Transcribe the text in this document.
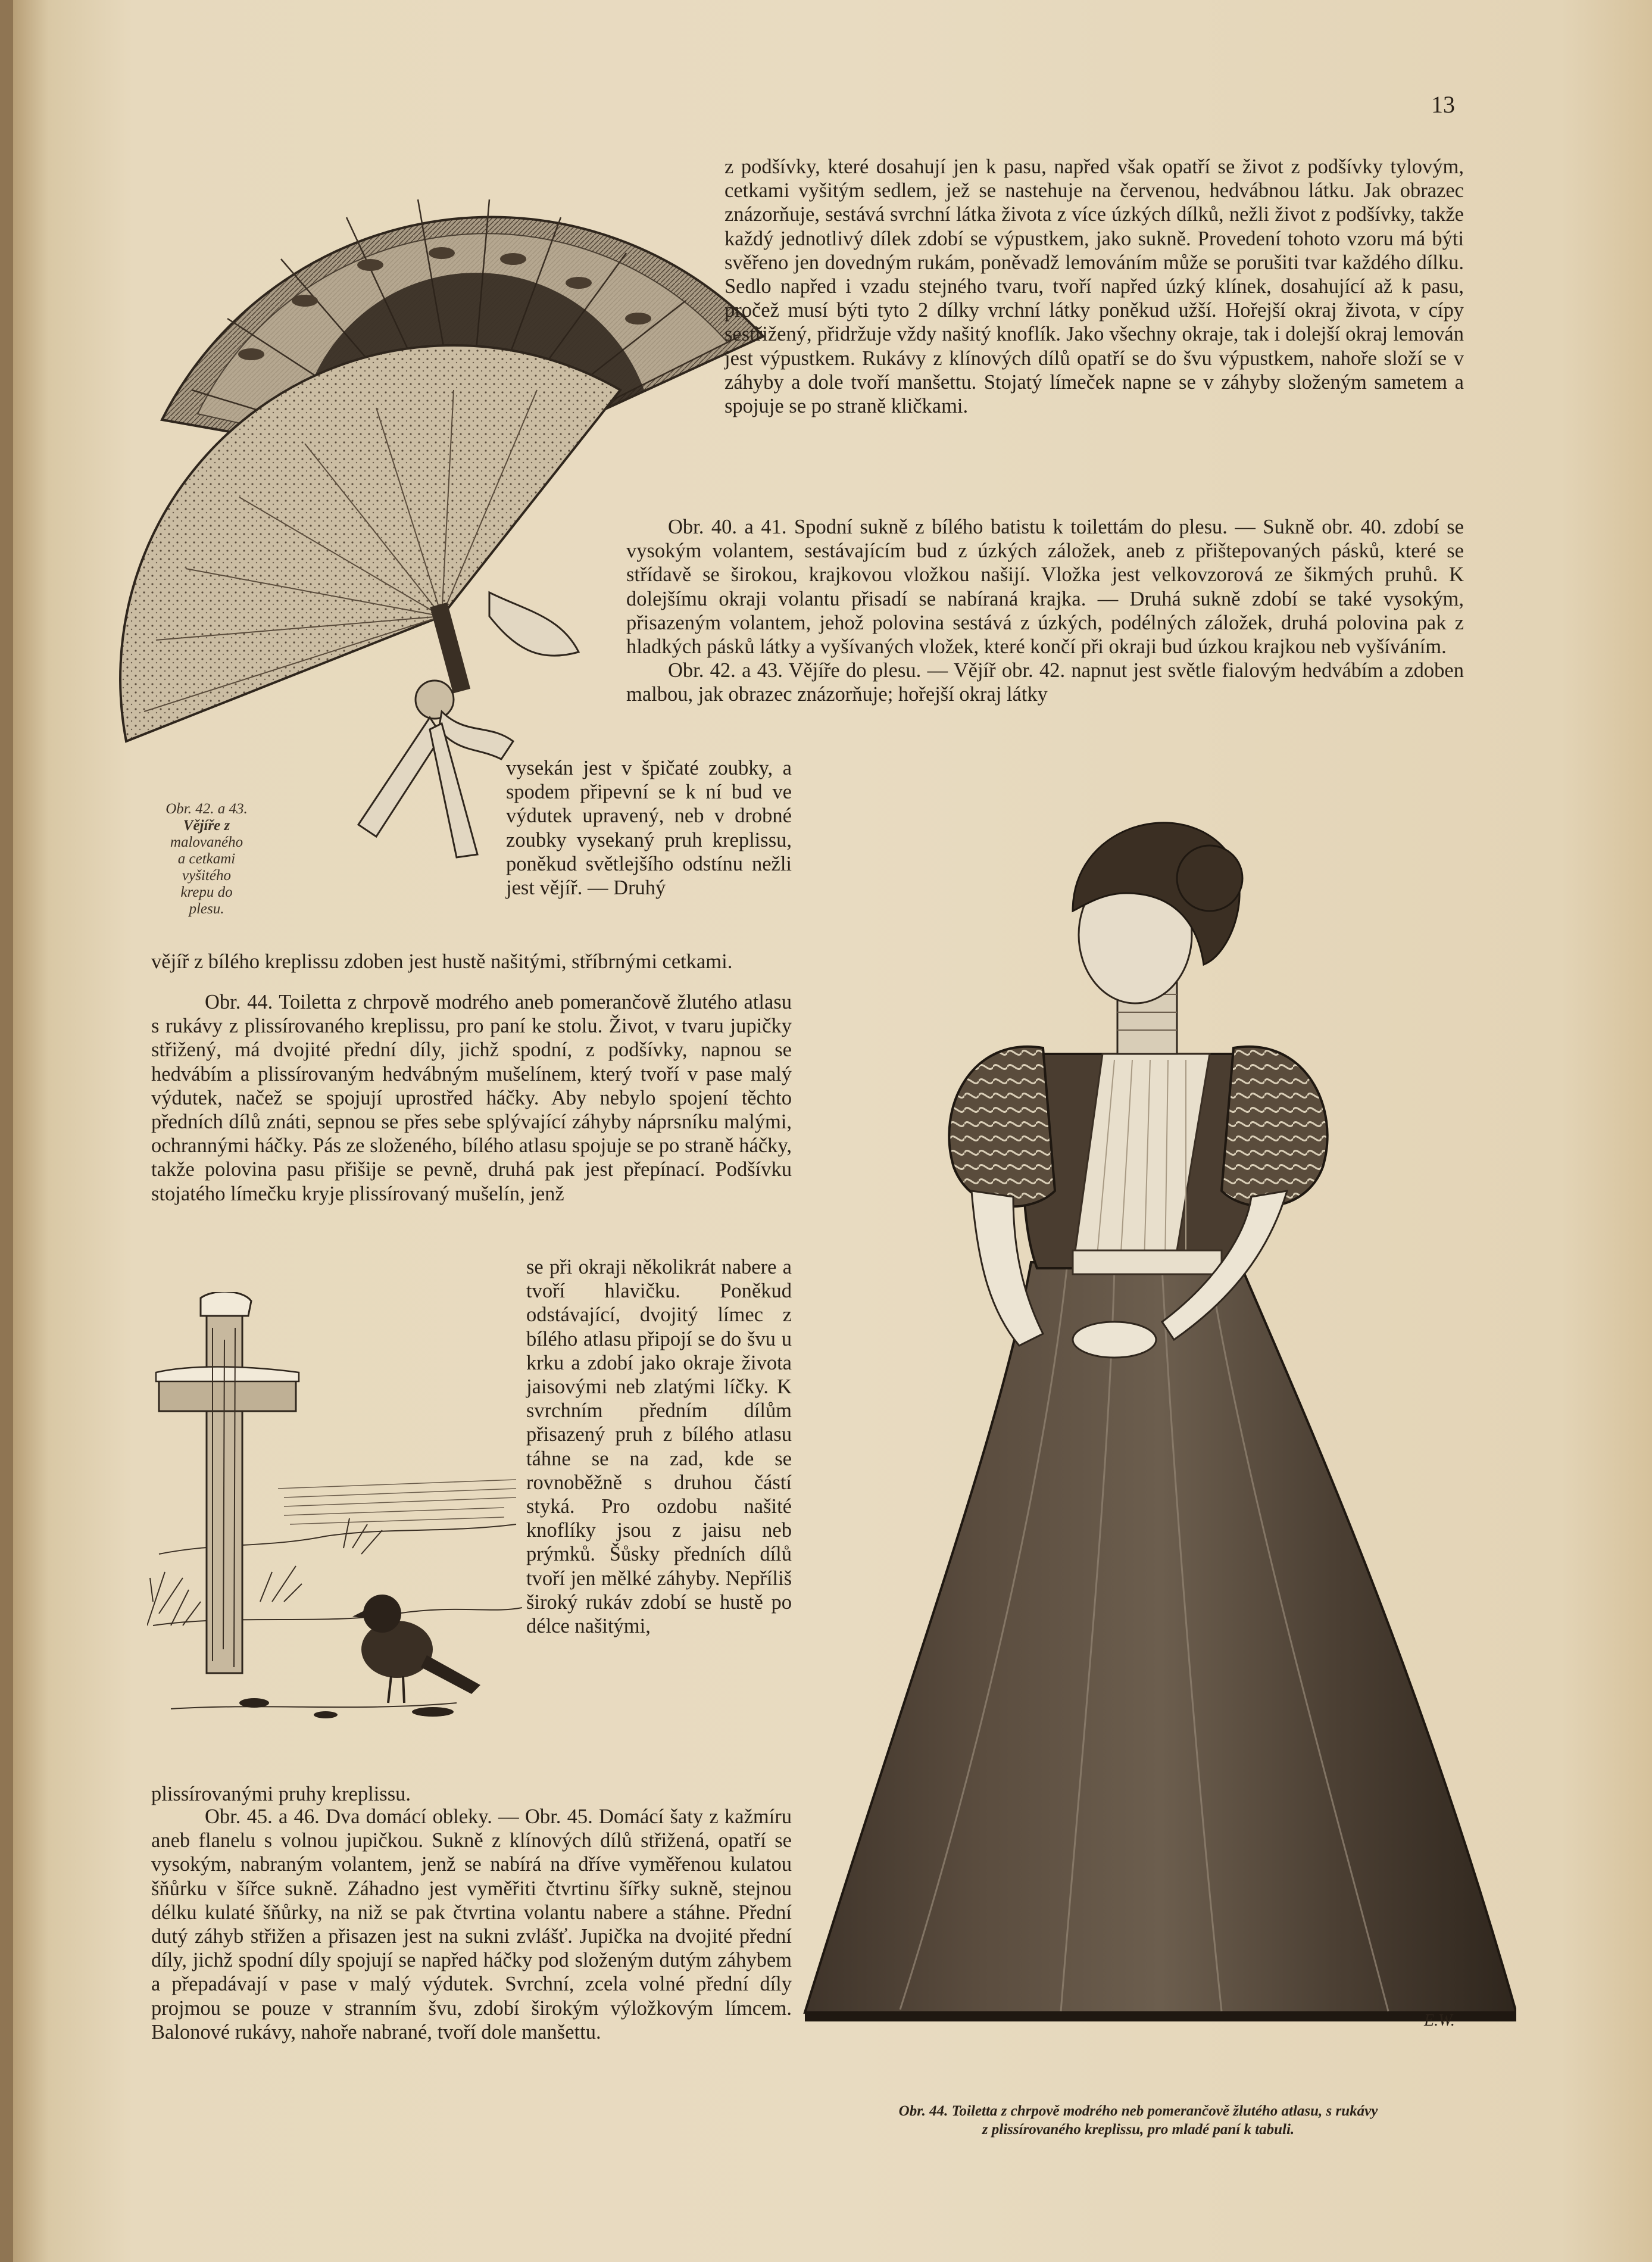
13
Obr. 42. a 43.
Vějíře z
malovaného
a cetkami
vyšitého
krepu do
plesu.

z podšívky, které dosahují jen k pasu, napřed však opatří se život z podšívky tylovým, cetkami vyšitým sedlem, jež se nastehuje na červenou, hedvábnou látku. Jak obrazec znázorňuje, sestává svrchní látka života z více úzkých dílků, nežli život z podšívky, takže každý jednotlivý dílek zdobí se výpustkem, jako sukně. Provedení tohoto vzoru má býti svěřeno jen dovedným rukám, poněvadž lemováním může se porušiti tvar každého dílku. Sedlo napřed i vzadu stejného tvaru, tvoří napřed úzký klínek, dosahující až k pasu, pročež musí býti tyto 2 dílky vrchní látky poněkud užší. Hořejší okraj života, v cípy sestřižený, přidržuje vždy našitý knoflík. Jako všechny okraje, tak i dolejší okraj lemován jest výpustkem. Rukávy z klínových dílů opatří se do švu výpustkem, nahoře složí se v záhyby a dole tvoří manšettu. Stojatý límeček napne se v záhyby složeným sametem a spojuje se po straně kličkami.

Obr. 40. a 41. Spodní sukně z bílého batistu k toilettám do plesu. — Sukně obr. 40. zdobí se vysokým volantem, sestávajícím bud z úzkých záložek, aneb z přištepovaných pásků, které se střídavě se širokou, krajkovou vložkou našijí. Vložka jest velkovzorová ze šikmých pruhů. K dolejšímu okraji volantu přisadí se nabíraná krajka. — Druhá sukně zdobí se také vysokým, přisazeným volantem, jehož polovina sestává z úzkých, podélných záložek, druhá polovina pak z hladkých pásků látky a vyšívaných vložek, které končí při okraji bud úzkou krajkou neb vyšíváním.

Obr. 42. a 43. Vějíře do plesu. — Vějíř obr. 42. napnut jest světle fialovým hedvábím a zdoben malbou, jak obrazec znázorňuje; hořejší okraj látky

vysekán jest v špičaté zoubky, a spodem připevní se k ní bud ve výdutek upravený, neb v drobné zoubky vysekaný pruh kreplissu, poněkud světlejšího odstínu nežli jest vějíř. — Druhý

vějíř z bílého kreplissu zdoben jest hustě našitými, stříbrnými cetkami.

Obr. 44. Toiletta z chrpově modrého aneb pomerančově žlutého atlasu s rukávy z plissírovaného kreplissu, pro paní ke stolu. Život, v tvaru jupičky střižený, má dvojité přední díly, jichž spodní, z podšívky, napnou se hedvábím a plissírovaným hedvábným mušelínem, který tvoří v pase malý výdutek, načež se spojují uprostřed háčky. Aby nebylo spojení těchto předních dílů znáti, sepnou se přes sebe splývající záhyby náprsníku malými, ochrannými háčky. Pás ze složeného, bílého atlasu spojuje se po straně háčky, takže polovina pasu přišije se pevně, druhá pak jest přepínací. Podšívku stojatého límečku kryje plissírovaný mušelín, jenž

se při okraji několikrát nabere a tvoří hlavičku. Poněkud odstávající, dvojitý límec z bílého atlasu připojí se do švu u krku a zdobí jako okraje života jaisovými neb zlatými líčky. K svrchním předním dílům přisazený pruh z bílého atlasu táhne se na zad, kde se rovnoběžně s druhou částí styká. Pro ozdobu našité knoflíky jsou z jaisu neb prýmků. Šůsky předních dílů tvoří jen mělké záhyby. Nepříliš široký rukáv zdobí se hustě po délce našitými,

plissírovanými pruhy kreplissu.

Obr. 45. a 46. Dva domácí obleky. — Obr. 45. Domácí šaty z kažmíru aneb flanelu s volnou jupičkou. Sukně z klínových dílů střižená, opatří se vysokým, nabraným volantem, jenž se nabírá na dříve vyměřenou kulatou šňůrku v šířce sukně. Záhadno jest vyměřiti čtvrtinu šířky sukně, stejnou délku kulaté šňůrky, na niž se pak čtvrtina volantu nabere a stáhne. Přední dutý záhyb střižen a přisazen jest na sukni zvlášť. Jupička na dvojité přední díly, jichž spodní díly spojují se napřed háčky pod složeným dutým záhybem a přepadávají v pase v malý výdutek. Svrchní, zcela volné přední díly projmou se pouze v stranním švu, zdobí širokým výložkovým límcem. Balonové rukávy, nahoře nabrané, tvoří dole manšettu.

E.W.
Obr. 44. Toiletta z chrpově modrého neb pomerančově žlutého atlasu, s rukávy
z plissírovaného kreplissu, pro mladé paní k tabuli.
